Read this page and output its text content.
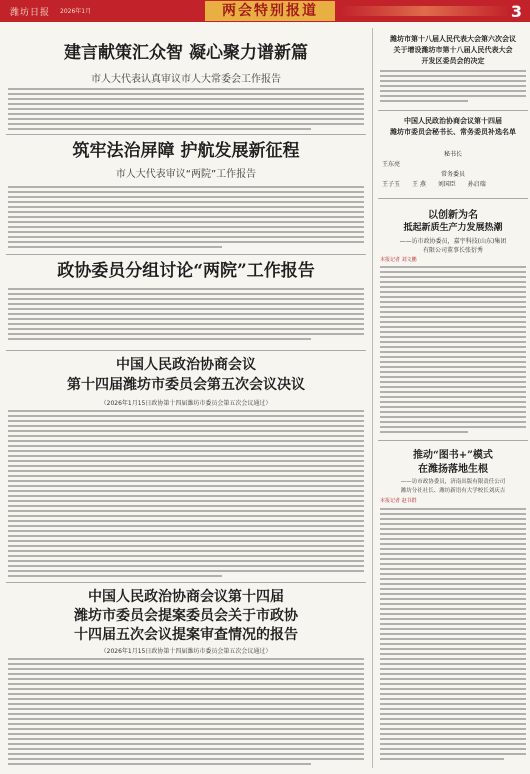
潍坊日报 2026年1月	两会特别报道	3
建言献策汇众智 凝心聚力谱新篇
市人大代表认真审议市人大常委会工作报告
筑牢法治屏障 护航发展新征程
市人大代表审议“两院”工作报告
政协委员分组讨论“两院”工作报告
中国人民政治协商会议
第十四届潍坊市委员会第五次会议决议
（2026年1月15日政协第十四届潍坊市委员会第五次会议通过）
中国人民政治协商会议第十四届
潍坊市委员会提案委员会关于市政协
十四届五次会议提案审查情况的报告
（2026年1月15日政协第十四届潍坊市委员会第五次会议通过）
潍坊市第十八届人民代表大会第六次会议
关于增设潍坊市第十八届人民代表大会
开发区委员会的决定
中国人民政治协商会议第十四届
潍坊市委员会秘书长、常务委员补选名单
秘书长
王东亮
常务委员
王子玉 王 燕 刘国臣 孙启瑞
以创新为名
抵起新质生产力发展热潮
——访市政协委员，嘉宇科技(山东)集团
有限公司董事长张衍秀
本报记者 刘文鹏
推动“图书+”模式
在潍扬落地生根
——访市政协委员，济南出版有限责任公司
潍坊分社社长、潍坊新语有大学校长刘庆吉
本报记者 赵书群
